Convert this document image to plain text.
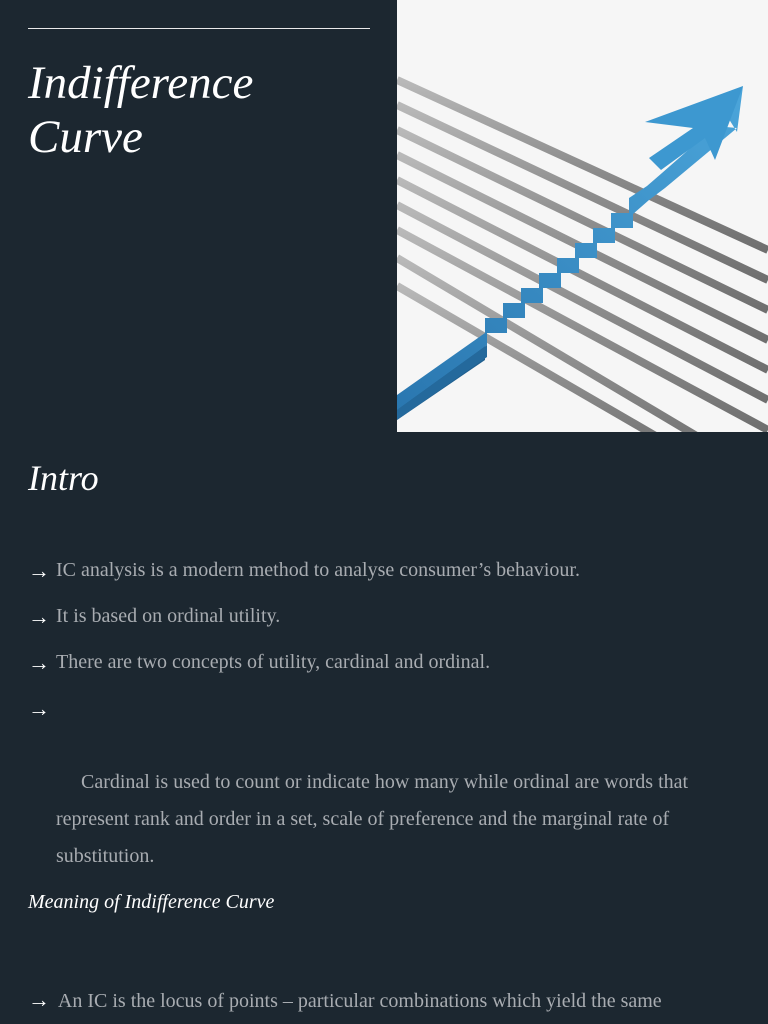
Indifference
Curve
Intro
→ IC analysis is a modern method to analyse consumer’s behaviour.
→ It is based on ordinal utility.
→ There are two concepts of utility, cardinal and ordinal.

→

Cardinal is used to count or indicate how many while ordinal are words that represent rank and order in a set, scale of preference and the marginal rate of substitution.

Meaning of Indifference Curve
→ An IC is the locus of points – particular combinations which yield the same
